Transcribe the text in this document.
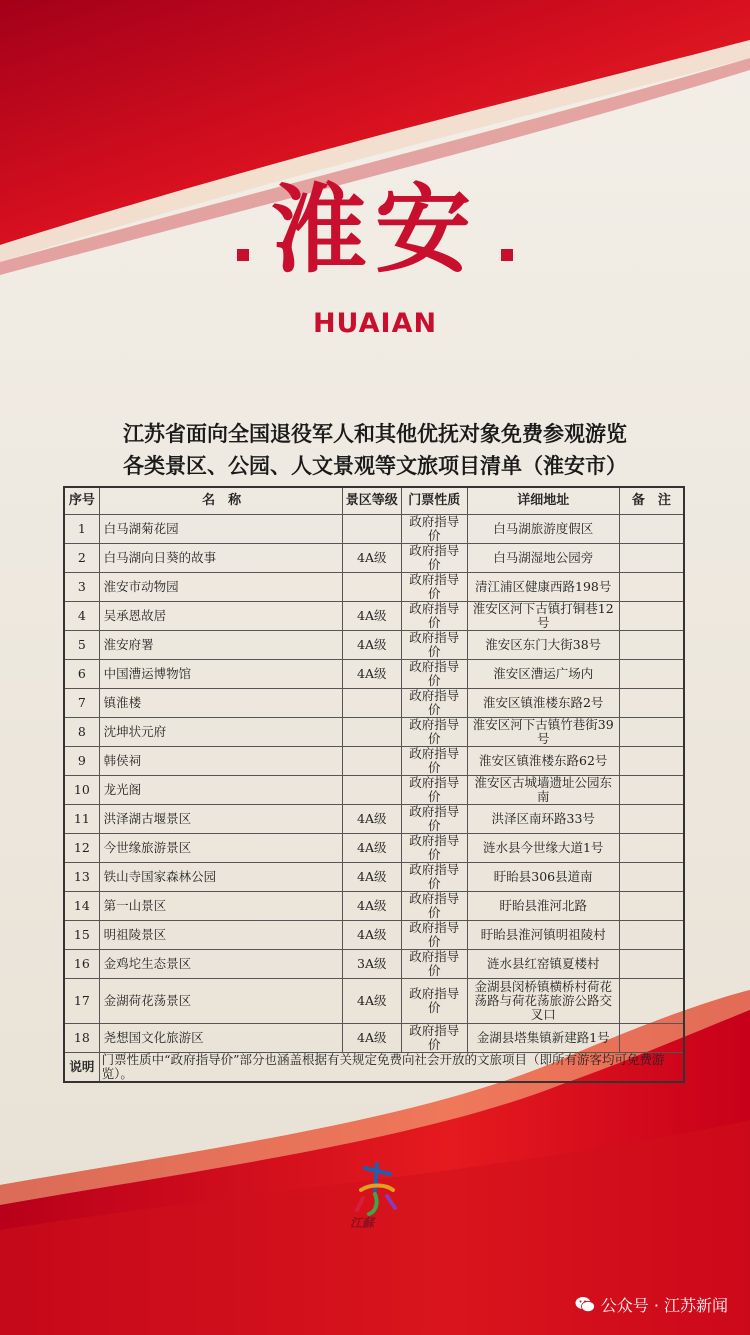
淮安
HUAIAN
江苏省面向全国退役军人和其他优抚对象免费参观游览
各类景区、公园、人文景观等文旅项目清单（淮安市）
序号	名　称	景区等级	门票性质	详细地址	备　注
1	白马湖菊花园		政府指导价	白马湖旅游度假区	
2	白马湖向日葵的故事	4A级	政府指导价	白马湖湿地公园旁	
3	淮安市动物园		政府指导价	清江浦区健康西路198号	
4	吴承恩故居	4A级	政府指导价	淮安区河下古镇打铜巷12号	
5	淮安府署	4A级	政府指导价	淮安区东门大街38号	
6	中国漕运博物馆	4A级	政府指导价	淮安区漕运广场内	
7	镇淮楼		政府指导价	淮安区镇淮楼东路2号	
8	沈坤状元府		政府指导价	淮安区河下古镇竹巷街39号	
9	韩侯祠		政府指导价	淮安区镇淮楼东路62号	
10	龙光阁		政府指导价	淮安区古城墙遗址公园东南	
11	洪泽湖古堰景区	4A级	政府指导价	洪泽区南环路33号	
12	今世缘旅游景区	4A级	政府指导价	涟水县今世缘大道1号	
13	铁山寺国家森林公园	4A级	政府指导价	盱眙县306县道南	
14	第一山景区	4A级	政府指导价	盱眙县淮河北路	
15	明祖陵景区	4A级	政府指导价	盱眙县淮河镇明祖陵村	
16	金鸡坨生态景区	3A级	政府指导价	涟水县红窑镇夏楼村	
17	金湖荷花荡景区	4A级	政府指导价	金湖县闵桥镇横桥村荷花荡路与荷花荡旅游公路交叉口	
18	尧想国文化旅游区	4A级	政府指导价	金湖县塔集镇新建路1号	
说明	门票性质中“政府指导价”部分也涵盖根据有关规定免费向社会开放的文旅项目（即所有游客均可免费游览）。				
江蘇
公众号 · 江苏新闻
